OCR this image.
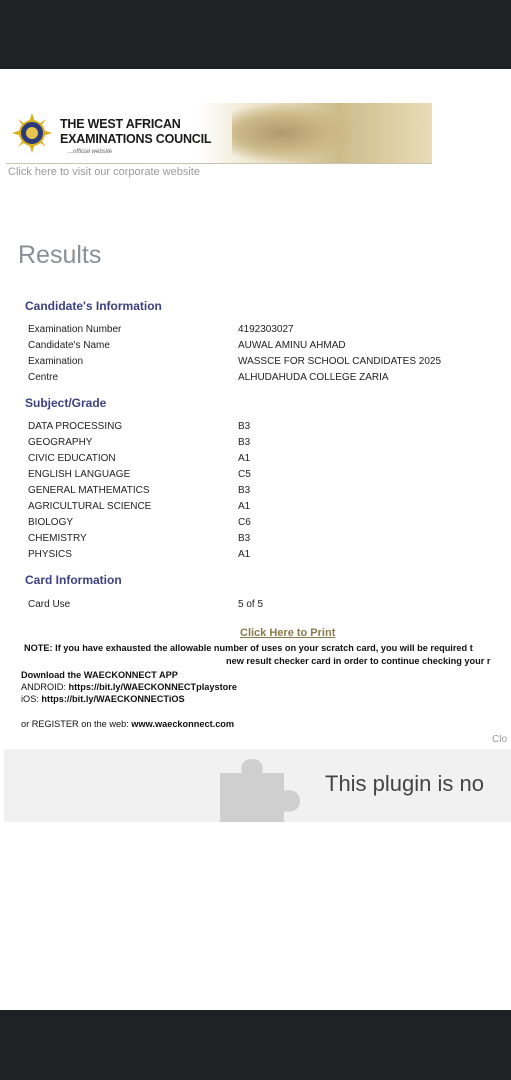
THE WEST AFRICAN
EXAMINATIONS COUNCIL
...official website
Click here to visit our corporate website
Results
Candidate's Information
Examination Number	4192303027
Candidate's Name	AUWAL AMINU AHMAD
Examination	WASSCE FOR SCHOOL CANDIDATES 2025
Centre	ALHUDAHUDA COLLEGE ZARIA
Subject/Grade
DATA PROCESSING	B3
GEOGRAPHY	B3
CIVIC EDUCATION	A1
ENGLISH LANGUAGE	C5
GENERAL MATHEMATICS	B3
AGRICULTURAL SCIENCE	A1
BIOLOGY	C6
CHEMISTRY	B3
PHYSICS	A1
Card Information
Card Use	5 of 5
Click Here to Print
NOTE: If you have exhausted the allowable number of uses on your scratch card, you will be required t
new result checker card in order to continue checking your r
Download the WAECKONNECT APP
ANDROID: https://bit.ly/WAECKONNECTplaystore
iOS: https://bit.ly/WAECKONNECTiOS
or REGISTER on the web: www.waeckonnect.com
Clo
This plugin is no
